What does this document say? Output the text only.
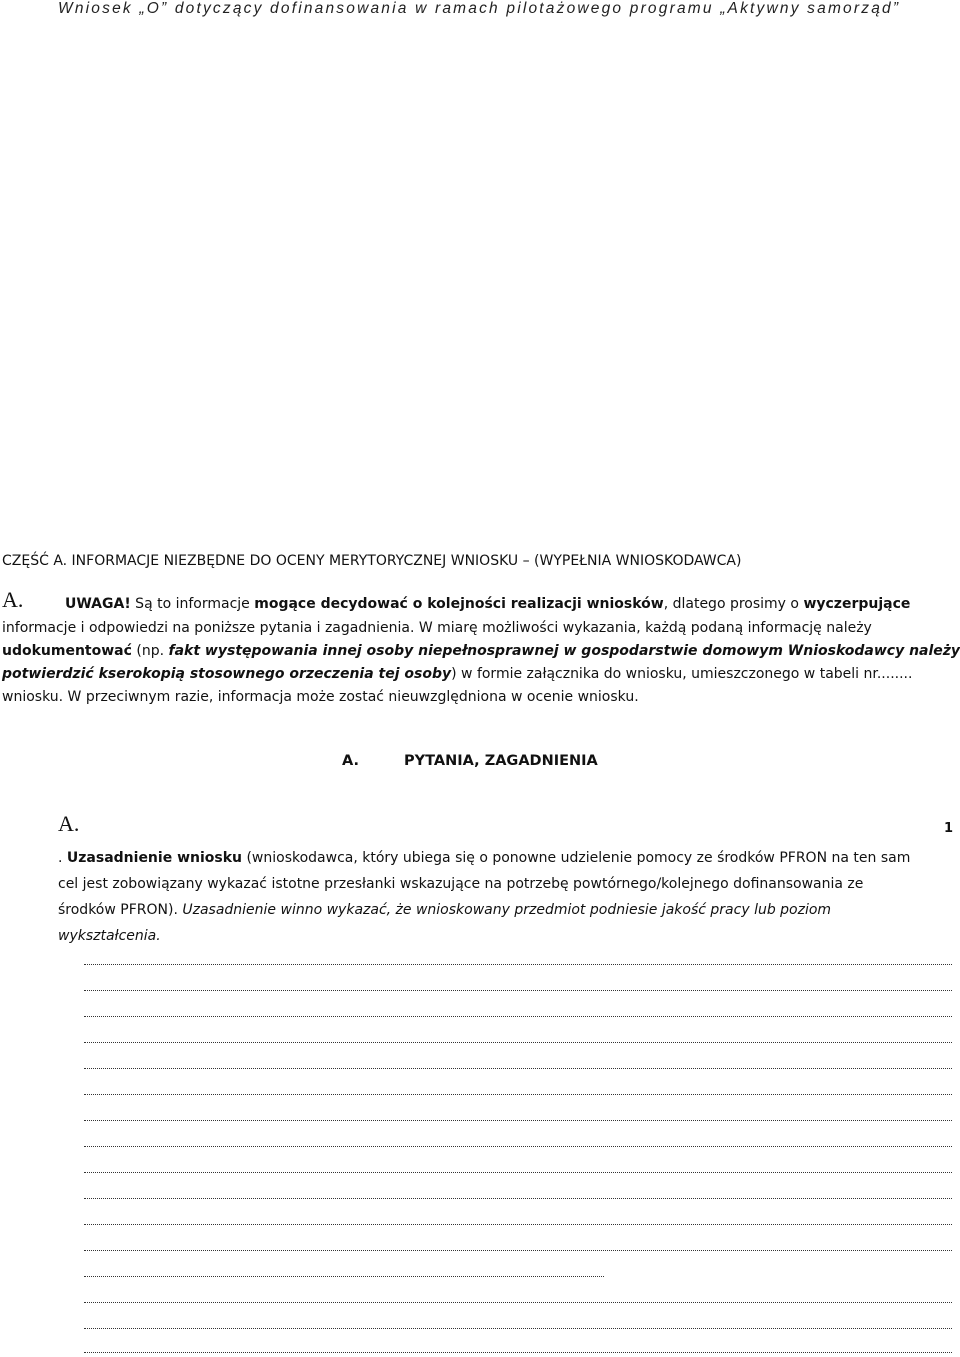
Wniosek „O” dotyczący dofinansowania w ramach pilotażowego programu „Aktywny samorząd”
CZĘŚĆ A. INFORMACJE NIEZBĘDNE DO OCENY MERYTORYCZNEJ WNIOSKU – (WYPEŁNIA WNIOSKODAWCA)
A.	UWAGA! Są to informacje mogące decydować o kolejności realizacji wniosków, dlatego prosimy o wyczerpujące

informacje i odpowiedzi na poniższe pytania i zagadnienia. W miarę możliwości wykazania, każdą podaną informację należy

udokumentować (np. fakt występowania innej osoby niepełnosprawnej w gospodarstwie domowym Wnioskodawcy należy

potwierdzić kserokopią stosownego orzeczenia tej osoby) w formie załącznika do wniosku, umieszczonego w tabeli nr........

wniosku. W przeciwnym razie, informacja może zostać nieuwzględniona w ocenie wniosku.

A.	PYTANIA, ZAGADNIENIA
A.	1

. Uzasadnienie wniosku (wnioskodawca, który ubiega się o ponowne udzielenie pomocy ze środków PFRON na ten sam

cel jest zobowiązany wykazać istotne przesłanki wskazujące na potrzebę powtórnego/kolejnego dofinansowania ze

środków PFRON). Uzasadnienie winno wykazać, że wnioskowany przedmiot podniesie jakość pracy lub poziom

wykształcenia.
